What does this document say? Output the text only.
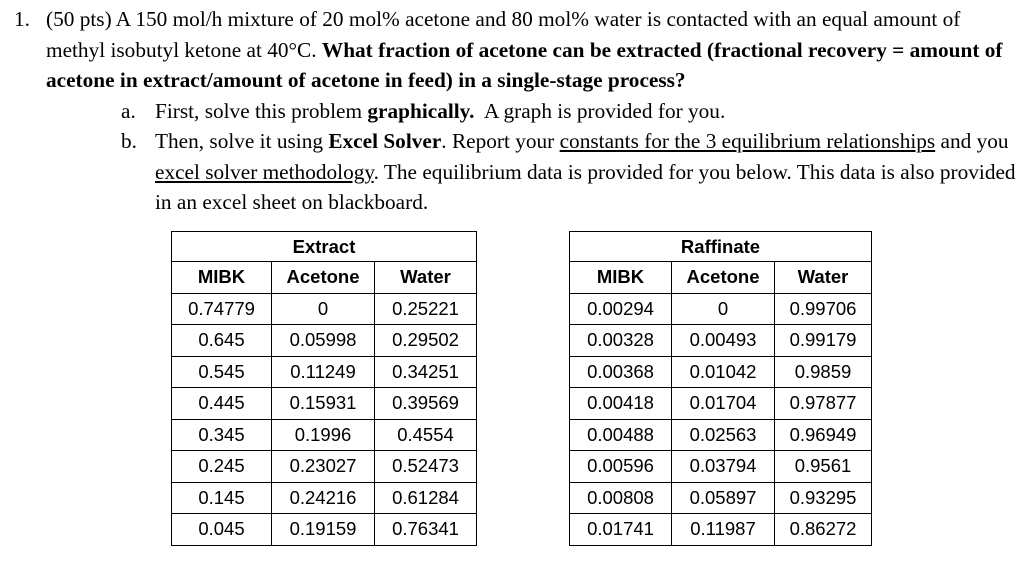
1. (50 pts) A 150 mol/h mixture of 20 mol% acetone and 80 mol% water is contacted with an equal amount of methyl isobutyl ketone at 40°C. What fraction of acetone can be extracted (fractional recovery = amount of acetone in extract/amount of acetone in feed) in a single-stage process?
a. First, solve this problem graphically.  A graph is provided for you.
b. Then, solve it using Excel Solver. Report your constants for the 3 equilibrium relationships and you excel solver methodology. The equilibrium data is provided for you below. This data is also provided in an excel sheet on blackboard.
Extract		
MIBK	Acetone	Water
0.74779	0	0.25221
0.645	0.05998	0.29502
0.545	0.11249	0.34251
0.445	0.15931	0.39569
0.345	0.1996	0.4554
0.245	0.23027	0.52473
0.145	0.24216	0.61284
0.045	0.19159	0.76341
Raffinate		
MIBK	Acetone	Water
0.00294	0	0.99706
0.00328	0.00493	0.99179
0.00368	0.01042	0.9859
0.00418	0.01704	0.97877
0.00488	0.02563	0.96949
0.00596	0.03794	0.9561
0.00808	0.05897	0.93295
0.01741	0.11987	0.86272
